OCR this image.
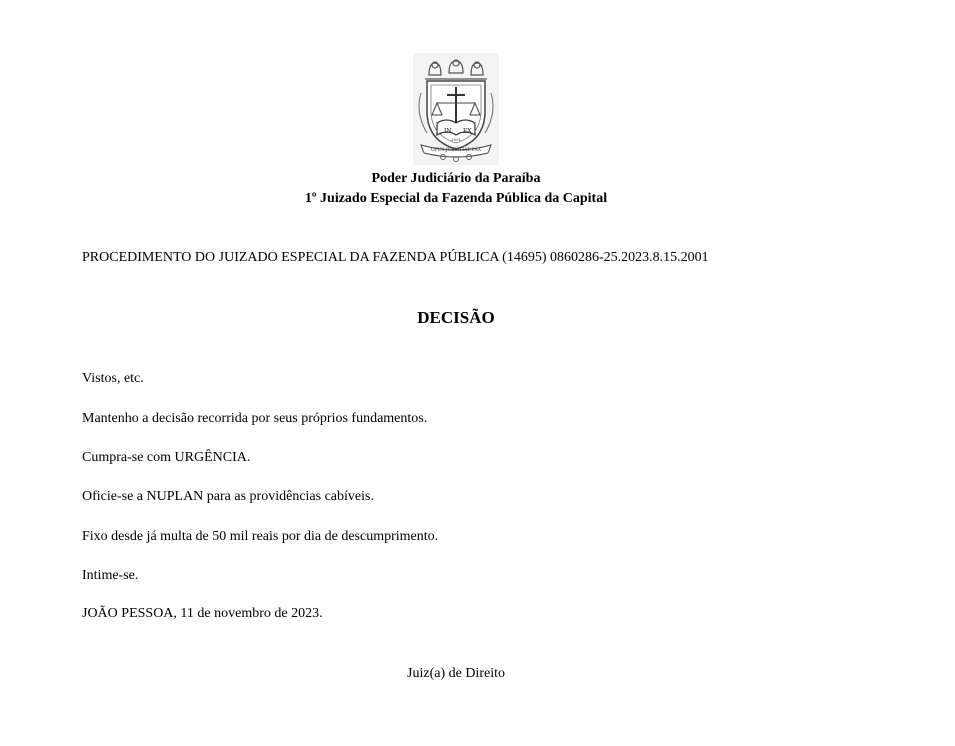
IN EX
1891
OPUS JUSTITIAE PAX
Poder Judiciário da Paraíba
1º Juizado Especial da Fazenda Pública da Capital
PROCEDIMENTO DO JUIZADO ESPECIAL DA FAZENDA PÚBLICA (14695) 0860286-25.2023.8.15.2001
DECISÃO
Vistos, etc.
Mantenho a decisão recorrida por seus próprios fundamentos.
Cumpra-se com URGÊNCIA.
Oficie-se a NUPLAN para as providências cabíveis.
Fixo desde já multa de 50 mil reais por dia de descumprimento.
Intime-se.
JOÃO PESSOA, 11 de novembro de 2023.
Juiz(a) de Direito
